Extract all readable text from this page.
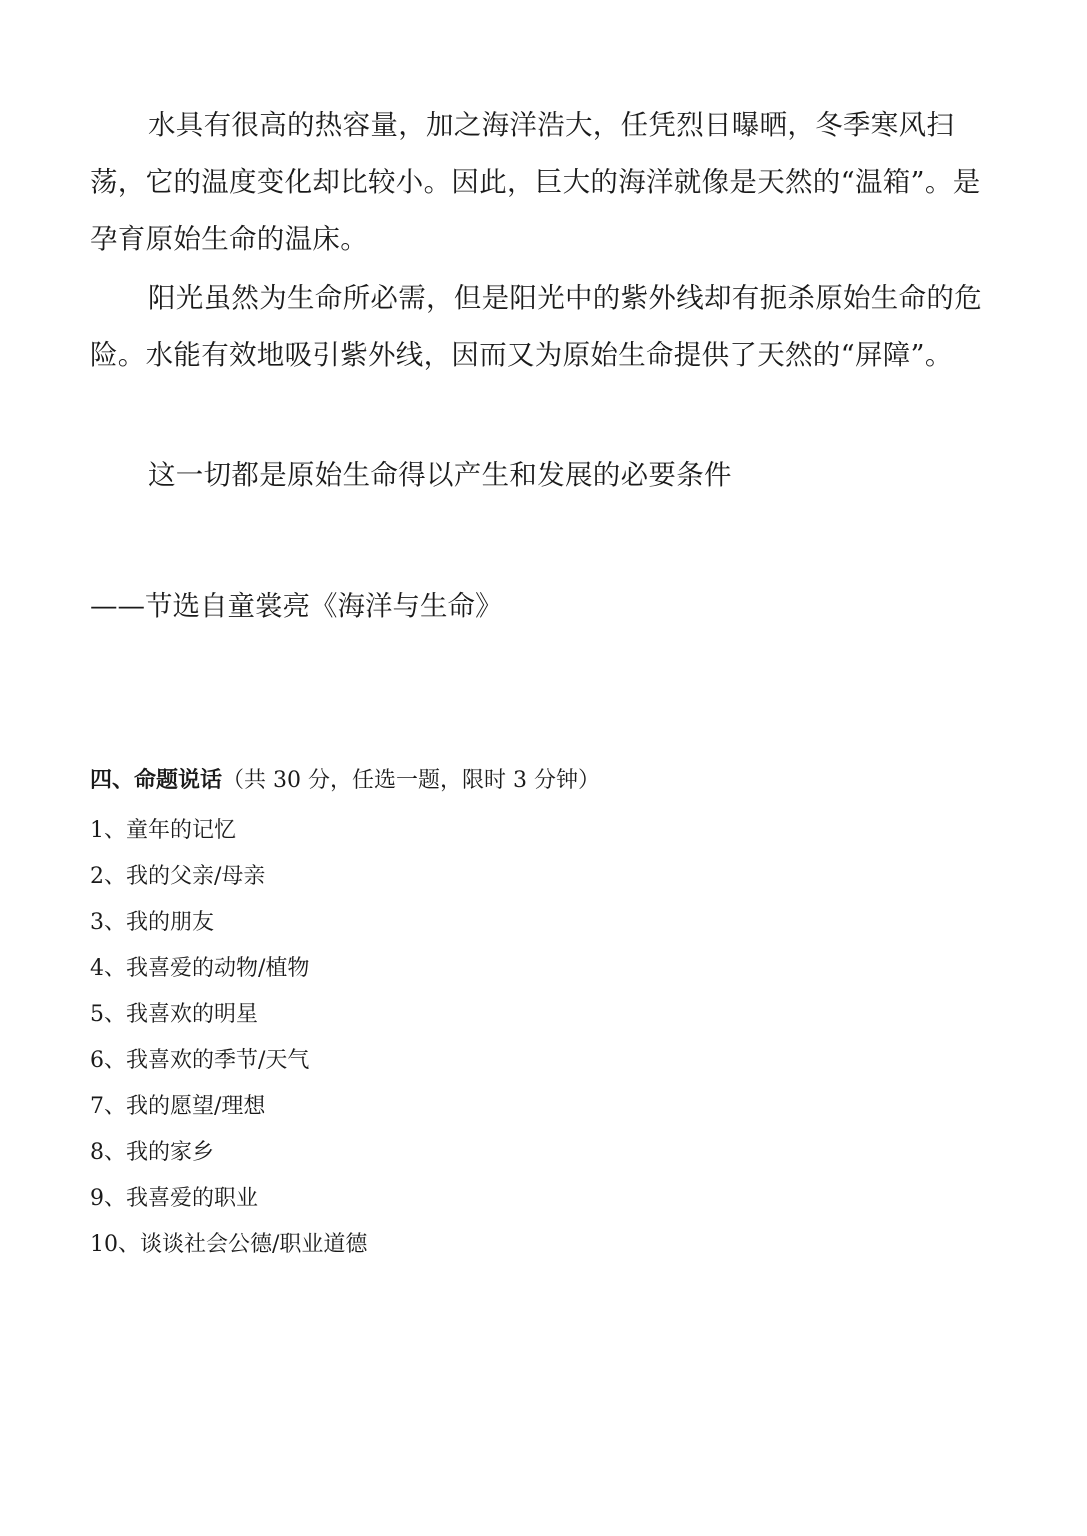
水具有很高的热容量，加之海洋浩大，任凭烈日曝晒，冬季寒风扫荡，它的温度变化却比较小。因此，巨大的海洋就像是天然的“温箱”。是孕育原始生命的温床。

阳光虽然为生命所必需，但是阳光中的紫外线却有扼杀原始生命的危险。水能有效地吸引紫外线，因而又为原始生命提供了天然的“屏障”。

这一切都是原始生命得以产生和发展的必要条件

——节选自童裳亮《海洋与生命》

四、命题说话（共 30 分，任选一题，限时 3 分钟）

1、童年的记忆
2、我的父亲/母亲
3、我的朋友
4、我喜爱的动物/植物
5、我喜欢的明星
6、我喜欢的季节/天气
7、我的愿望/理想
8、我的家乡
9、我喜爱的职业
10、谈谈社会公德/职业道德
